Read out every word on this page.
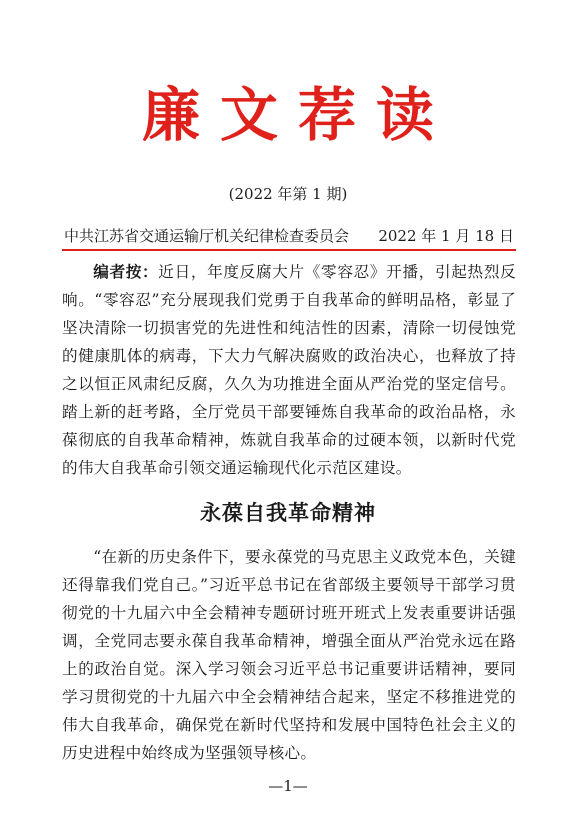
廉文荐读
(2022 年第 1 期)
中共江苏省交通运输厅机关纪律检查委员会 2022 年 1 月 18 日

编者按：近日，年度反腐大片《零容忍》开播，引起热烈反响。“零容忍”充分展现我们党勇于自我革命的鲜明品格，彰显了坚决清除一切损害党的先进性和纯洁性的因素，清除一切侵蚀党的健康肌体的病毒，下大力气解决腐败的政治决心，也释放了持之以恒正风肃纪反腐，久久为功推进全面从严治党的坚定信号。踏上新的赶考路，全厅党员干部要锤炼自我革命的政治品格，永葆彻底的自我革命精神，炼就自我革命的过硬本领，以新时代党的伟大自我革命引领交通运输现代化示范区建设。

永葆自我革命精神

“在新的历史条件下，要永葆党的马克思主义政党本色，关键还得靠我们党自己。”习近平总书记在省部级主要领导干部学习贯彻党的十九届六中全会精神专题研讨班开班式上发表重要讲话强调，全党同志要永葆自我革命精神，增强全面从严治党永远在路上的政治自觉。深入学习领会习近平总书记重要讲话精神，要同学习贯彻党的十九届六中全会精神结合起来，坚定不移推进党的伟大自我革命，确保党在新时代坚持和发展中国特色社会主义的历史进程中始终成为坚强领导核心。

—1—
